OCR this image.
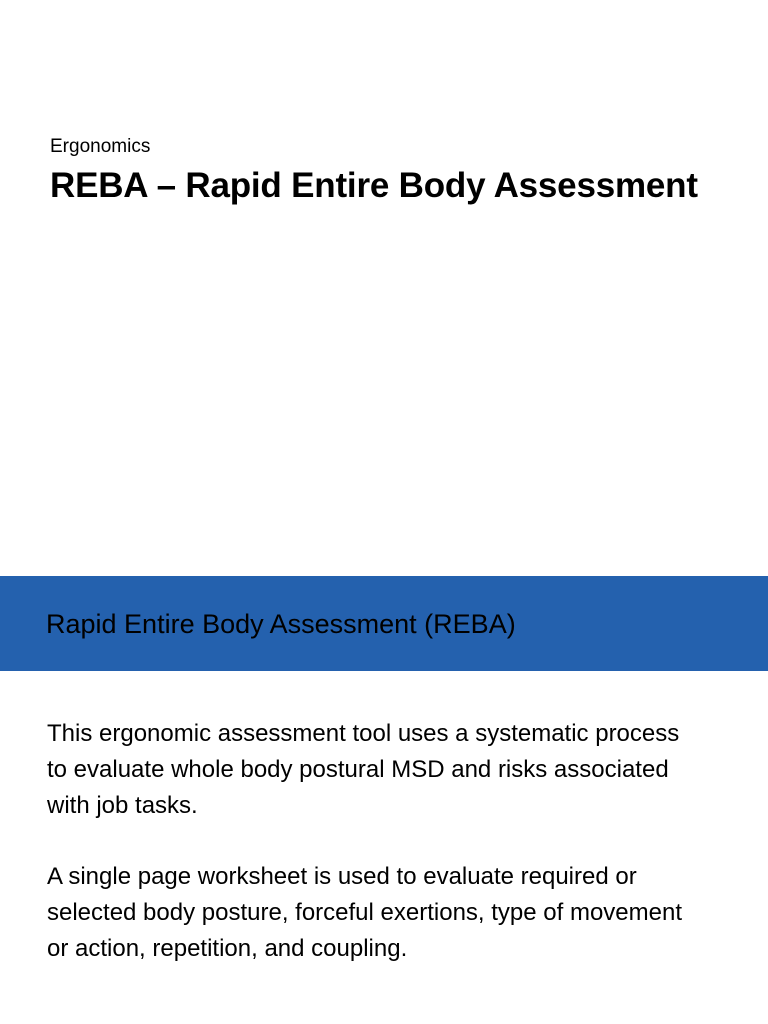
Ergonomics
REBA – Rapid Entire Body Assessment
Rapid Entire Body Assessment (REBA)

This ergonomic assessment tool uses a systematic process to evaluate whole body postural MSD and risks associated with job tasks.

A single page worksheet is used to evaluate required or selected body posture, forceful exertions, type of movement or action, repetition, and coupling.
